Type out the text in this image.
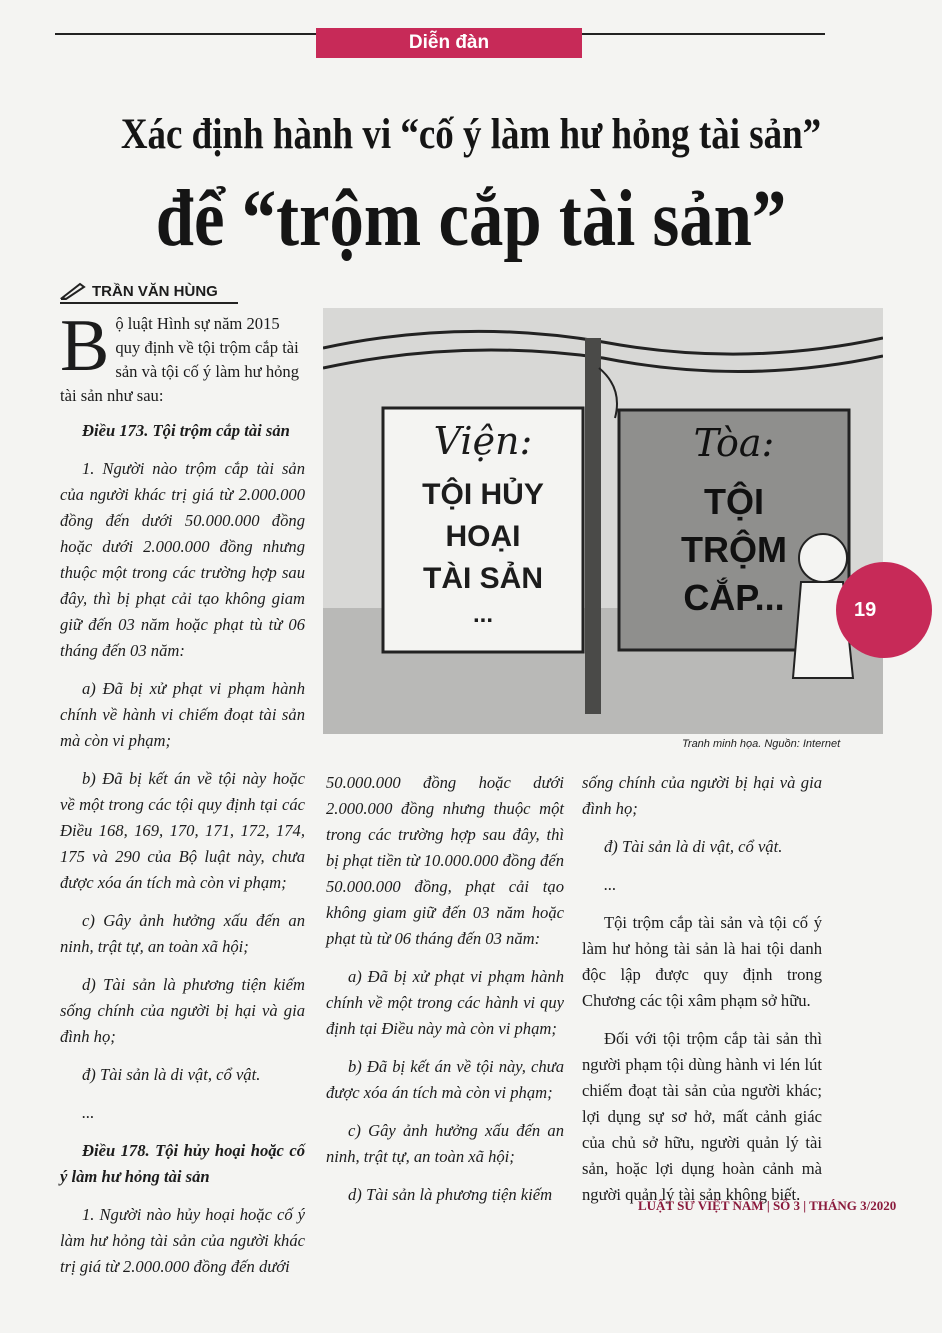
Diễn đàn
Xác định hành vi “cố ý làm hư hỏng tài sản”
để “trộm cắp tài sản”
TRẦN VĂN HÙNG
Bộ luật Hình sự năm 2015 quy định về tội trộm cắp tài sản và tội cố ý làm hư hỏng tài sản như sau:

Điều 173. Tội trộm cắp tài sản

1. Người nào trộm cắp tài sản của người khác trị giá từ 2.000.000 đồng đến dưới 50.000.000 đồng hoặc dưới 2.000.000 đồng nhưng thuộc một trong các trường hợp sau đây, thì bị phạt cải tạo không giam giữ đến 03 năm hoặc phạt tù từ 06 tháng đến 03 năm:

a) Đã bị xử phạt vi phạm hành chính về hành vi chiếm đoạt tài sản mà còn vi phạm;

b) Đã bị kết án về tội này hoặc về một trong các tội quy định tại các Điều 168, 169, 170, 171, 172, 174, 175 và 290 của Bộ luật này, chưa được xóa án tích mà còn vi phạm;

c) Gây ảnh hưởng xấu đến an ninh, trật tự, an toàn xã hội;

d) Tài sản là phương tiện kiếm sống chính của người bị hại và gia đình họ;

đ) Tài sản là di vật, cổ vật.

...

Điều 178. Tội hủy hoại hoặc cố ý làm hư hỏng tài sản

1. Người nào hủy hoại hoặc cố ý làm hư hỏng tài sản của người khác trị giá từ 2.000.000 đồng đến dưới

Viện:
TỘI HỦY
HOẠI
TÀI SẢN
...
Tòa:
TỘI
TRỘM
CẮP...
Tranh minh họa. Nguồn: Internet
19

50.000.000 đồng hoặc dưới 2.000.000 đồng nhưng thuộc một trong các trường hợp sau đây, thì bị phạt tiền từ 10.000.000 đồng đến 50.000.000 đồng, phạt cải tạo không giam giữ đến 03 năm hoặc phạt tù từ 06 tháng đến 03 năm:

a) Đã bị xử phạt vi phạm hành chính về một trong các hành vi quy định tại Điều này mà còn vi phạm;

b) Đã bị kết án về tội này, chưa được xóa án tích mà còn vi phạm;

c) Gây ảnh hưởng xấu đến an ninh, trật tự, an toàn xã hội;

d) Tài sản là phương tiện kiếm

sống chính của người bị hại và gia đình họ;

đ) Tài sản là di vật, cổ vật.

...

Tội trộm cắp tài sản và tội cố ý làm hư hỏng tài sản là hai tội danh độc lập được quy định trong Chương các tội xâm phạm sở hữu.

Đối với tội trộm cắp tài sản thì người phạm tội dùng hành vi lén lút chiếm đoạt tài sản của người khác; lợi dụng sự sơ hở, mất cảnh giác của chủ sở hữu, người quản lý tài sản, hoặc lợi dụng hoàn cảnh mà người quản lý tài sản không biết.

LUẬT SƯ VIỆT NAM | SỐ 3 | THÁNG 3/2020
